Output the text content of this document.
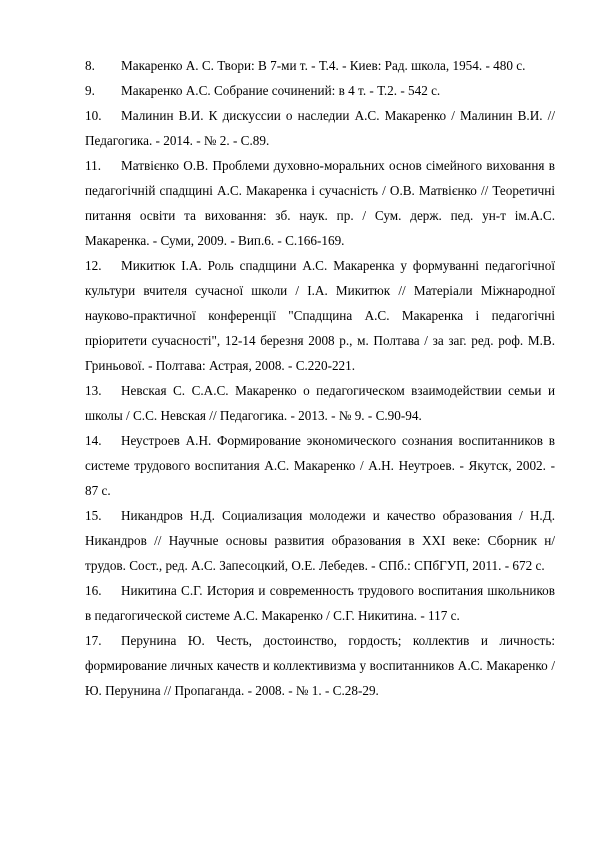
8. Макаренко А. С. Твори: В 7-ми т. - Т.4. - Киев: Рад. школа, 1954. - 480 с.

9. Макаренко А.С. Собрание сочинений: в 4 т. - Т.2. - 542 с.

10. Малинин В.И. К дискуссии о наследии А.С. Макаренко / Малинин В.И. // Педагогика. - 2014. - № 2. - С.89.

11. Матвієнко О.В. Проблеми духовно-моральних основ сімейного виховання в педагогічній спадщині А.С. Макаренка і сучасність / О.В. Матвієнко // Теоретичні питання освіти та виховання: зб. наук. пр. / Сум. держ. пед. ун-т ім.А.С. Макаренка. - Суми, 2009. - Вип.6. - С.166-169.

12. Микитюк І.А. Роль спадщини А.С. Макаренка у формуванні педагогічної культури вчителя сучасної школи / І.А. Микитюк // Матеріали Міжнародної науково-практичної конференції "Спадщина А.С. Макаренка і педагогічні пріоритети сучасності", 12-14 березня 2008 р., м. Полтава / за заг. ред. роф. М.В. Гриньової. - Полтава: Астрая, 2008. - С.220-221.

13. Невская С. С.А.С. Макаренко о педагогическом взаимодействии семьи и школы / С.С. Невская // Педагогика. - 2013. - № 9. - С.90-94.

14. Неустроев А.Н. Формирование экономического сознания воспитанников в системе трудового воспитания А.С. Макаренко / А.Н. Неутроев. - Якутск, 2002. - 87 с.

15. Никандров Н.Д. Социализация молодежи и качество образования / Н.Д. Никандров // Научные основы развития образования в XXI веке: Сборник н/трудов. Сост., ред. А.С. Запесоцкий, О.Е. Лебедев. - СПб.: СПбГУП, 2011. - 672 с.

16. Никитина С.Г. История и современность трудового воспитания школьников в педагогической системе А.С. Макаренко / С.Г. Никитина. - 117 с.

17. Перунина Ю. Честь, достоинство, гордость; коллектив и личность: формирование личных качеств и коллективизма у воспитанников А.С. Макаренко / Ю. Перунина // Пропаганда. - 2008. - № 1. - С.28-29.
